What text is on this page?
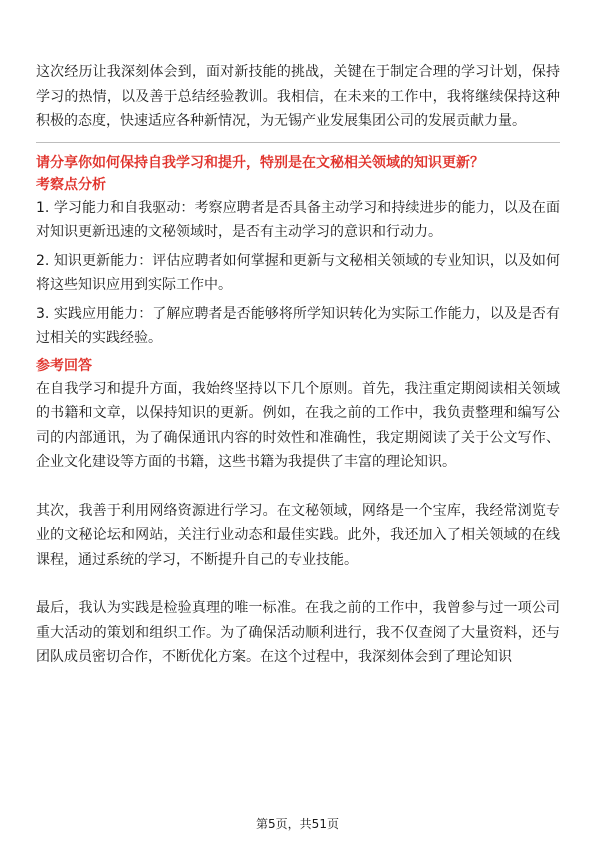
这次经历让我深刻体会到，面对新技能的挑战，关键在于制定合理的学习计划，保持学习的热情，以及善于总结经验教训。我相信，在未来的工作中，我将继续保持这种积极的态度，快速适应各种新情况，为无锡产业发展集团公司的发展贡献力量。

请分享你如何保持自我学习和提升，特别是在文秘相关领域的知识更新？

考察点分析

1. 学习能力和自我驱动：考察应聘者是否具备主动学习和持续进步的能力，以及在面对知识更新迅速的文秘领域时，是否有主动学习的意识和行动力。

2. 知识更新能力：评估应聘者如何掌握和更新与文秘相关领域的专业知识，以及如何将这些知识应用到实际工作中。

3. 实践应用能力：了解应聘者是否能够将所学知识转化为实际工作能力，以及是否有过相关的实践经验。

参考回答

在自我学习和提升方面，我始终坚持以下几个原则。首先，我注重定期阅读相关领域的书籍和文章，以保持知识的更新。例如，在我之前的工作中，我负责整理和编写公司的内部通讯，为了确保通讯内容的时效性和准确性，我定期阅读了关于公文写作、企业文化建设等方面的书籍，这些书籍为我提供了丰富的理论知识。

其次，我善于利用网络资源进行学习。在文秘领域，网络是一个宝库，我经常浏览专业的文秘论坛和网站，关注行业动态和最佳实践。此外，我还加入了相关领域的在线课程，通过系统的学习，不断提升自己的专业技能。

最后，我认为实践是检验真理的唯一标准。在我之前的工作中，我曾参与过一项公司重大活动的策划和组织工作。为了确保活动顺利进行，我不仅查阅了大量资料，还与团队成员密切合作，不断优化方案。在这个过程中，我深刻体会到了理论知识

第5页，共51页
